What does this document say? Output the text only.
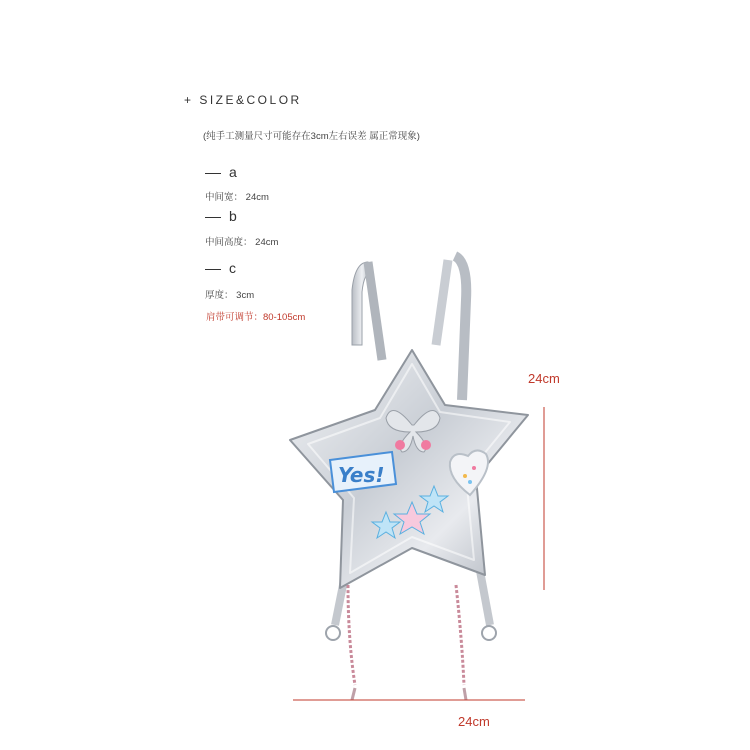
+ SIZE&COLOR
(纯手工测量尺寸可能存在3cm左右误差 属正常现象)
a
中间宽： 24cm
b
中间高度： 24cm
c
厚度： 3cm
肩带可调节：80-105cm
Yes!
24cm
24cm
